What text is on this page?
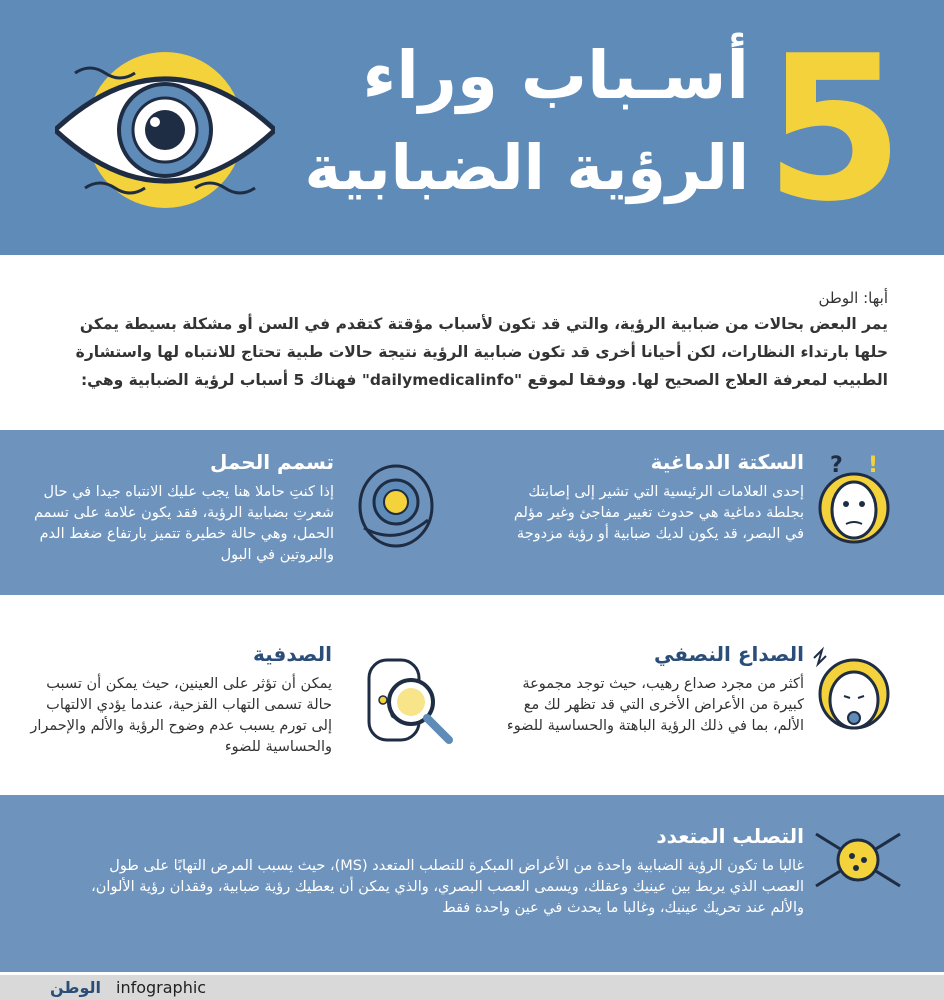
5
أسـباب وراء
الرؤية الضبابية
أبها: الوطن
يمر البعض بحالات من ضبابية الرؤية، والتي قد تكون لأسباب مؤقتة كتقدم في السن أو مشكلة بسيطة يمكن حلها بارتداء النظارات، لكن أحيانا أخرى قد تكون ضبابية الرؤية نتيجة حالات طبية تحتاج للانتباه لها واستشارة الطبيب لمعرفة العلاج الصحيح لها. ووفقا لموقع "dailymedicalinfo" فهناك 5 أسباب لرؤية الضبابية وهي:
!
?
السكتة الدماغية

إحدى العلامات الرئيسية التي تشير إلى إصابتك بجلطة دماغية هي حدوث تغيير مفاجئ وغير مؤلم في البصر، قد يكون لديك ضبابية أو رؤية مزدوجة

تسمم الحمل

إذا كنتِ حاملا هنا يجب عليك الانتباه جيدا في حال شعرتِ بضبابية الرؤية، فقد يكون علامة على تسمم الحمل، وهي حالة خطيرة تتميز بارتفاع ضغط الدم والبروتين في البول

الصداع النصفي

أكثر من مجرد صداع رهيب، حيث توجد مجموعة كبيرة من الأعراض الأخرى التي قد تظهر لك مع الألم، بما في ذلك الرؤية الباهتة والحساسية للضوء

الصدفية

يمكن أن تؤثر على العينين، حيث يمكن أن تسبب حالة تسمى التهاب القزحية، عندما يؤدي الالتهاب إلى تورم يسبب عدم وضوح الرؤية والألم والإحمرار والحساسية للضوء

التصلب المتعدد

غالبا ما تكون الرؤية الضبابية واحدة من الأعراض المبكرة للتصلب المتعدد (MS)، حيث يسبب المرض التهابًا على طول العصب الذي يربط بين عينيك وعقلك، ويسمى العصب البصري، والذي يمكن أن يعطيك رؤية ضبابية، وفقدان رؤية الألوان، والألم عند تحريك عينيك، وغالبا ما يحدث في عين واحدة فقط

الوطن infographic
